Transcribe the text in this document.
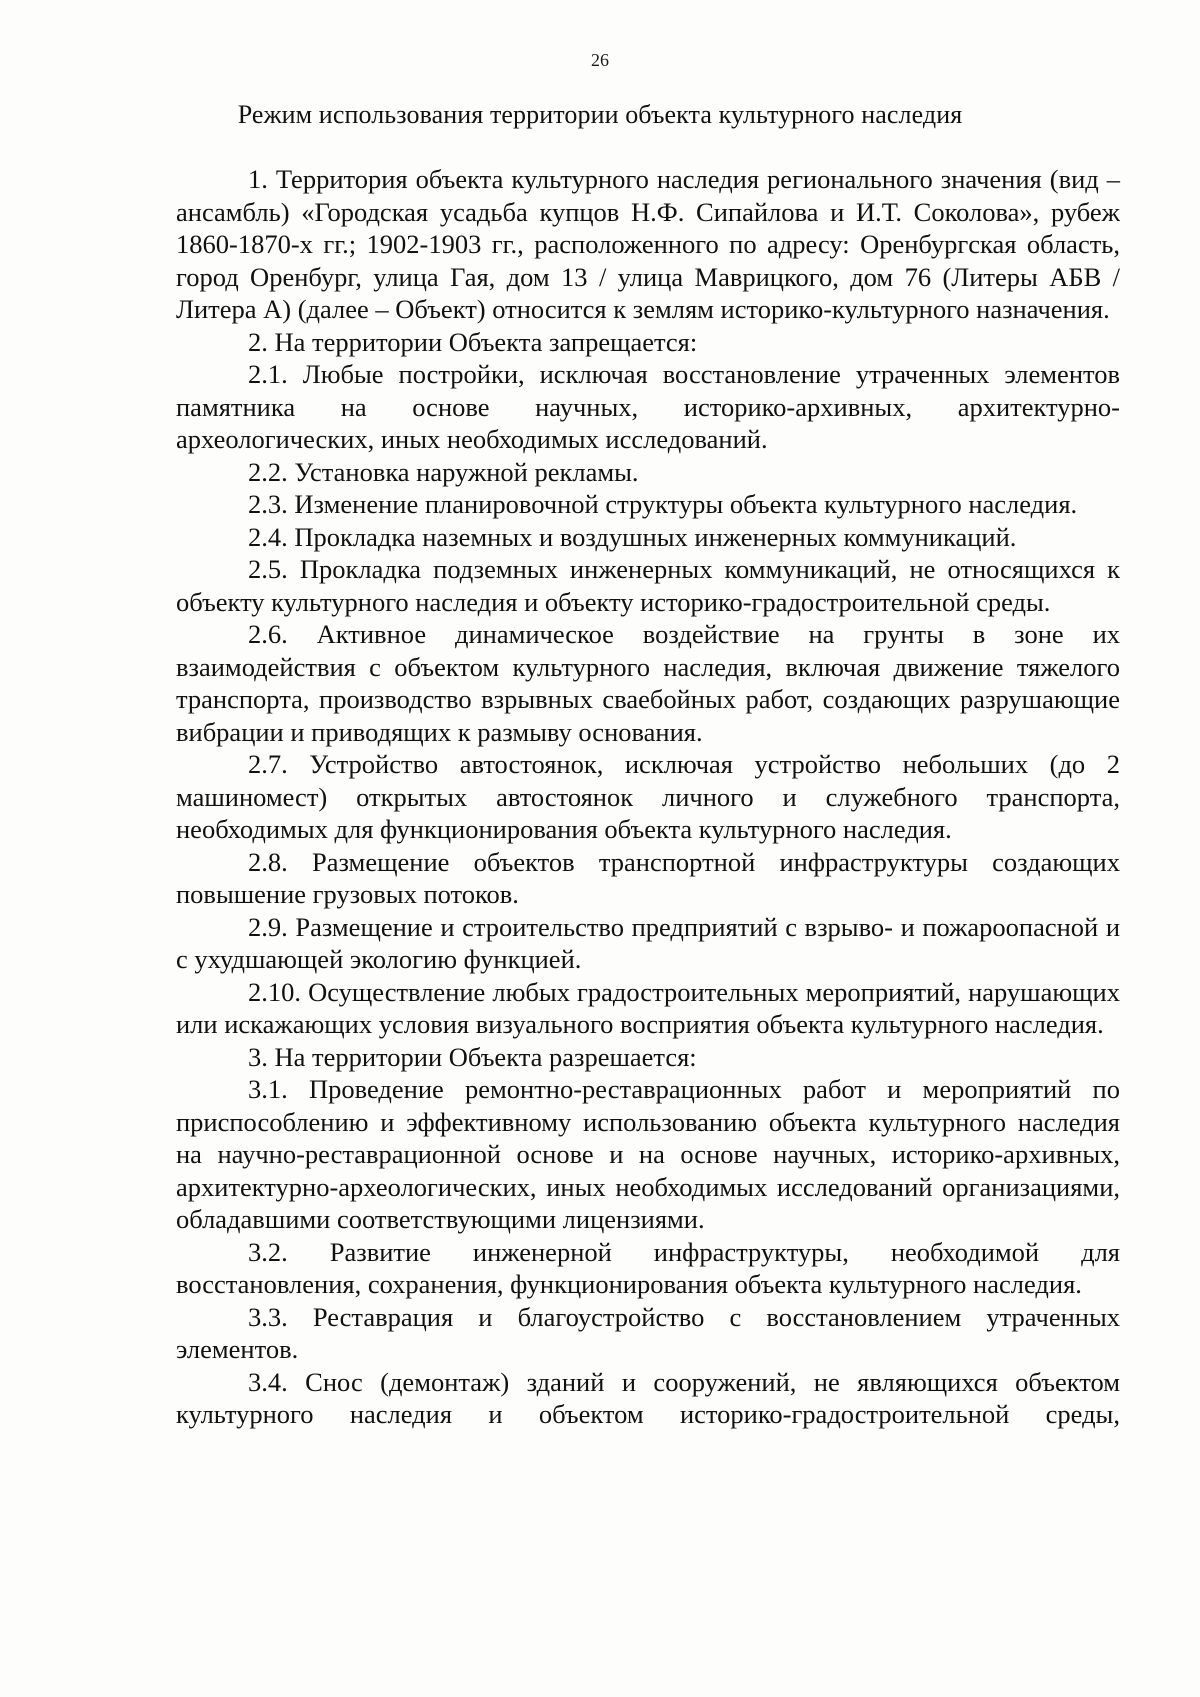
26
Режим использования территории объекта культурного наследия

1. Территория объекта культурного наследия регионального значения (вид – ансамбль) «Городская усадьба купцов Н.Ф. Сипайлова и И.Т. Соколова», рубеж 1860-1870-х гг.; 1902-1903 гг., расположенного по адресу: Оренбургская область, город Оренбург, улица Гая, дом 13 / улица Маврицкого, дом 76 (Литеры АБВ / Литера А) (далее – Объект) относится к землям историко-культурного назначения.

2. На территории Объекта запрещается:

2.1. Любые постройки, исключая восстановление утраченных элементов памятника на основе научных, историко-архивных, архитектурно-археологических, иных необходимых исследований.

2.2. Установка наружной рекламы.

2.3. Изменение планировочной структуры объекта культурного наследия.

2.4. Прокладка наземных и воздушных инженерных коммуникаций.

2.5. Прокладка подземных инженерных коммуникаций, не относящихся к объекту культурного наследия и объекту историко-градостроительной среды.

2.6. Активное динамическое воздействие на грунты в зоне их взаимодействия с объектом культурного наследия, включая движение тяжелого транспорта, производство взрывных сваебойных работ, создающих разрушающие вибрации и приводящих к размыву основания.

2.7. Устройство автостоянок, исключая устройство небольших (до 2 машиномест) открытых автостоянок личного и служебного транспорта, необходимых для функционирования объекта культурного наследия.

2.8. Размещение объектов транспортной инфраструктуры создающих повышение грузовых потоков.

2.9. Размещение и строительство предприятий с взрыво- и пожароопасной и с ухудшающей экологию функцией.

2.10. Осуществление любых градостроительных мероприятий, нарушающих или искажающих условия визуального восприятия объекта культурного наследия.

3. На территории Объекта разрешается:

3.1. Проведение ремонтно-реставрационных работ и мероприятий по приспособлению и эффективному использованию объекта культурного наследия на научно-реставрационной основе и на основе научных, историко-архивных, архитектурно-археологических, иных необходимых исследований организациями, обладавшими соответствующими лицензиями.

3.2. Развитие инженерной инфраструктуры, необходимой для восстановления, сохранения, функционирования объекта культурного наследия.

3.3. Реставрация и благоустройство с восстановлением утраченных элементов.

3.4. Снос (демонтаж) зданий и сооружений, не являющихся объектом культурного наследия и объектом историко-градостроительной среды,
